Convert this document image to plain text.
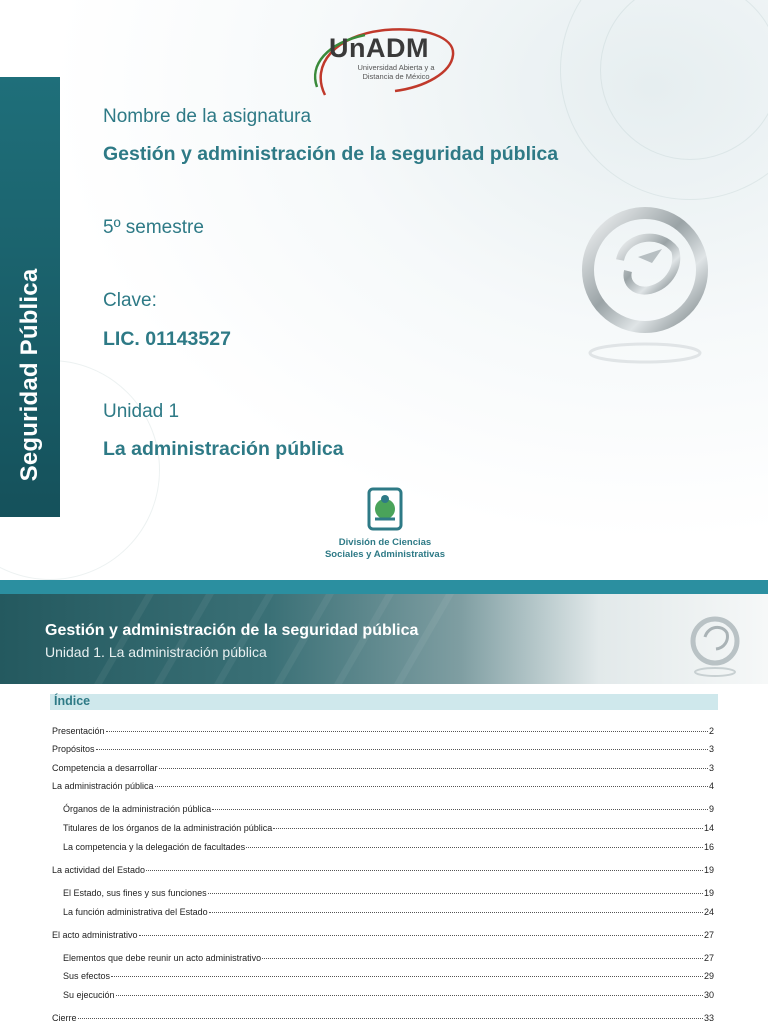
Seguridad Pública
UnADM
Universidad Abierta y a Distancia de México
Nombre de la asignatura
Gestión y administración de la seguridad pública
5º semestre
Clave:
LIC. 01143527
Unidad 1
La administración pública
División de Ciencias
Sociales y Administrativas
Gestión y administración de la seguridad pública
Unidad 1. La administración pública
Índice
Presentación	2
Propósitos	3
Competencia a desarrollar	3
La administración pública	4
Órganos de la administración pública	9
Titulares de los órganos de la administración pública	14
La competencia y la delegación de facultades	16
La actividad del Estado	19
El Estado, sus fines y sus funciones	19
La función administrativa del Estado	24
El acto administrativo	27
Elementos que debe reunir un acto administrativo	27
Sus efectos	29
Su ejecución	30
Cierre	33
